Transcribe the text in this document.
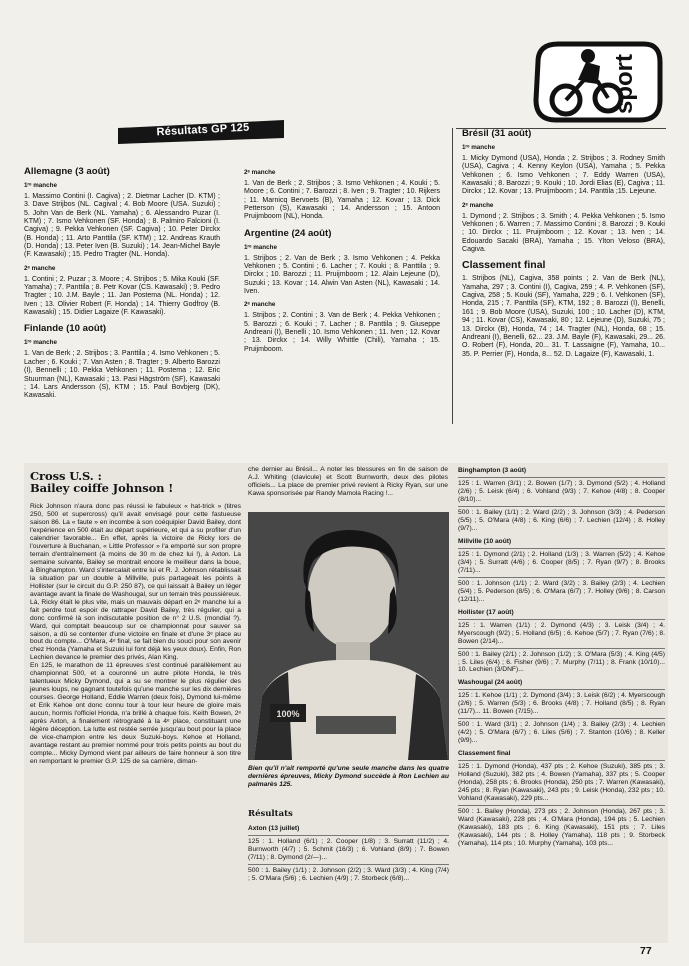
sport
Résultats GP 125
Allemagne (3 août)
1ʳᵉ manche

1. Massimo Contini (I. Cagiva) ; 2. Dietmar Lacher (D. KTM) ; 3. Dave Strijbos (NL. Cagival ; 4. Bob Moore (USA. Suzuki) ; 5. John Van de Berk (NL. Yamaha) ; 6. Alessandro Puzar (I. KTM) ; 7. Ismo Vehkonen (SF. Honda) ; 8. Palmiro Falcioni (I. Cagiva) ; 9. Pekka Vehkonen (SF. Cagiva) ; 10. Peter Dirckx (B. Honda) ; 11. Arto Panttila (SF. KTM) ; 12. Andreas Krauth (D. Honda) ; 13. Peter Iven (B. Suzuki) ; 14. Jean-Michel Bayle (F. Kawasaki) ; 15. Pedro Tragter (NL. Honda).

2ᵉ manche

1. Contini ; 2. Puzar ; 3. Moore ; 4. Strijbos ; 5. Mika Kouki (SF. Yamaha) ; 7. Panttila ; 8. Petr Kovar (CS. Kawasaki) ; 9. Pedro Tragter ; 10. J.M. Bayle ; 11. Jan Postema (NL. Honda) ; 12. Iven ; 13. Olivier Robert (F. Honda) ; 14. Thierry Godfroy (B. Kawasaki) ; 15. Didier Lagaize (F. Kawasaki).

Finlande (10 août)
1ʳᵉ manche

1. Van de Berk ; 2. Strijbos ; 3. Panttila ; 4. Ismo Vehkonen ; 5. Lacher ; 6. Kouki ; 7. Van Asten ; 8. Tragter ; 9. Alberto Barozzi (I), Bennelli ; 10. Pekka Vehkonen ; 11. Postema ; 12. Eric Stuurman (NL), Kawasaki ; 13. Pasi Hägström (SF), Kawasaki ; 14. Lars Andersson (S), KTM ; 15. Paul Bovbjerg (DK), Kawasaki.

2ᵉ manche

1. Van de Berk ; 2. Strijbos ; 3. Ismo Vehkonen ; 4. Kouki ; 5. Moore ; 6. Contini ; 7. Barozzi ; 8. Iven ; 9. Tragter ; 10. Rijkers ; 11. Marnicq Bervoets (B), Yamaha ; 12. Kovar ; 13. Dick Petterson (S), Kawasaki ; 14. Andersson ; 15. Antoon Pruijmboom (NL), Honda.

Argentine (24 août)
1ʳᵉ manche

1. Strijbos ; 2. Van de Berk ; 3. Ismo Vehkonen ; 4. Pekka Vehkonen ; 5. Contini ; 6. Lacher ; 7. Kouki ; 8. Panttila ; 9. Dirckx ; 10. Barozzi ; 11. Pruijmboom ; 12. Alain Lejeune (D), Suzuki ; 13. Kovar ; 14. Alwin Van Asten (NL), Kawasaki ; 14. Iven.

2ᵉ manche

1. Strijbos ; 2. Contini ; 3. Van de Berk ; 4. Pekka Vehkonen ; 5. Barozzi ; 6. Kouki ; 7. Lacher ; 8. Panttila ; 9. Giuseppe Andreani (I), Benelli ; 10. Ismo Vehkonen ; 11. Iven ; 12. Kovar ; 13. Dirckx ; 14. Willy Whittle (Chili), Yamaha ; 15. Pruijmboom.

Brésil (31 août)
1ʳᵉ manche

1. Micky Dymond (USA), Honda ; 2. Strijbos ; 3. Rodney Smith (USA), Cagiva ; 4. Kenny Keylon (USA), Yamaha ; 5. Pekka Vehkonen ; 6. Ismo Vehkonen ; 7. Eddy Warren (USA), Kawasaki ; 8. Barozzi ; 9. Kouki ; 10. Jordi Elias (E), Cagiva ; 11. Dirckx ; 12. Kovar ; 13. Pruijmboom ; 14. Panttila ;15. Lejeune.

2ᵉ manche

1. Dymond ; 2. Strijbos ; 3. Smith ; 4. Pekka Vehkonen ; 5. Ismo Vehkonen ; 6. Warren ; 7. Massimo Contini ; 8. Barozzi ; 9. Kouki ; 10. Dirckx ; 11. Pruijmboom ; 12. Kovar ; 13. Iven ; 14. Edouardo Sacaki (BRA), Yamaha ; 15. Ylton Veloso (BRA), Cagiva.

Classement final

1. Strijbos (NL), Cagiva, 358 points ; 2. Van de Berk (NL), Yamaha, 297 ; 3. Contini (I), Cagiva, 259 ; 4. P. Vehkonen (SF), Cagiva, 258 ; 5. Kouki (SF), Yamaha, 229 ; 6. I. Vehkonen (SF), Honda, 215 ; 7. Panttila (SF), KTM, 192 ; 8. Barozzi (I), Benelli, 161 ; 9. Bob Moore (USA), Suzuki, 100 ; 10. Lacher (D), KTM, 94 ; 11. Kovar (CS), Kawasaki, 80 ; 12. Lejeune (D), Suzuki, 75 ; 13. Dirckx (B), Honda, 74 ; 14. Tragter (NL), Honda, 68 ; 15. Andreani (I), Benelli, 62... 23. J.M. Bayle (F), Kawasaki, 29... 26. O. Robert (F), Honda, 20... 31. T. Lassaigne (F), Yamaha, 10... 35. P. Perrier (F), Honda, 8... 52. D. Lagaize (F), Kawasaki, 1.

Cross U.S. :
Bailey coiffe Johnson !

Rick Johnson n'aura donc pas réussi le fabuleux « hat-trick » (titres 250, 500 et supercross) qu'il avait envisagé pour cette fastueuse saison 86. La « faute » en incombe à son coéquipier David Bailey, dont l'expérience en 500 était au départ supérieure, et qui a su profiter d'un calendrier favorable... En effet, après la victoire de Ricky lors de l'ouverture à Buchanan, « Little Professor » l'a emporté sur son propre terrain d'entraînement (à moins de 30 m de chez lui !), à Axton. La semaine suivante, Bailey se montrait encore le meilleur dans la boue, à Binghampton. Ward s'intercalait entre lui et R. J. Johnson rétablissait la situation par un double à Millville, puis partageait les points à Hollister (sur le circuit du G.P. 250 87), ce qui laissait à Bailey un léger avantage avant la finale de Washougal, sur un terrain très poussiéreux. Là, Ricky était le plus vite, mais un mauvais départ en 2ᵉ manche lui a fait perdre tout espoir de rattraper David Bailey, très régulier, qui a donc confirmé là son indiscutable position de n° 2 U.S. (mondial ?). Ward, qui comptait beaucoup sur ce championnat pour sauver sa saison, a dû se contenter d'une victoire en finale et d'une 3ᵉ place au bout du compte... O'Mara, 4ᵉ final, se fait bien du souci pour son avenir chez Honda (Yamaha et Suzuki lui font déjà les yeux doux). Enfin, Ron Lechien devance le premier des privés, Alan King.
En 125, le marathon de 11 épreuves s'est continué parallèlement au championnat 500, et a couronné un autre pilote Honda, le très talentueux Micky Dymond, qui a su se montrer le plus régulier des jeunes loups, ne gagnant toutefois qu'une manche sur les dix dernières courses. George Holland, Eddie Warren (deux fois), Dymond lui-même et Erik Kehoe ont donc connu tour à tour leur heure de gloire mais aucun, hormis l'officiel Honda, n'a brillé à chaque fois. Keith Bowen, 2ᵉ après Axton, a finalement rétrogradé à la 4ᵉ place, constituant une légère déception. La lutte est restée serrée jusqu'au bout pour la place de vice-champion entre les deux Suzuki-boys. Kehoe et Holland, avantage restant au premier nommé pour trois petits points au bout du compte... Micky Dymond vient par ailleurs de faire honneur à son titre en remportant le premier G.P. 125 de sa carrière, diman-

che dernier au Brésil... A noter les blessures en fin de saison de A.J. Whiting (clavicule) et Scott Burnworth, deux des pilotes officiels... La place de premier privé revient à Ricky Ryan, sur une Kawa sponsorisée par Randy Mamola Racing !...

100%

Bien qu'il n'ait remporté qu'une seule manche dans les quatre dernières épreuves, Micky Dymond succède à Ron Lechien au palmarès 125.

Résultats
Axton (13 juillet)

125 : 1. Holland (6/1) ; 2. Cooper (1/8) ; 3. Surratt (11/2) ; 4. Burnworth (4/7) ; 5. Schmit (16/3) ; 6. Vohland (8/9) ; 7. Bowen (7/11) ; 8. Dymond (2/—)...

500 : 1. Bailey (1/1) ; 2. Johnson (2/2) ; 3. Ward (3/3) ; 4. King (7/4) ; 5. O'Mara (5/6) ; 6. Lechien (4/9) ; 7. Storbeck (6/8)...

Binghampton (3 août)

125 : 1. Warren (3/1) ; 2. Bowen (1/7) ; 3. Dymond (5/2) ; 4. Holland (2/6) ; 5. Leisk (6/4) ; 6. Vohland (9/3) ; 7. Kehoe (4/8) ; 8. Cooper (8/10)...

500 : 1. Bailey (1/1) ; 2. Ward (2/2) ; 3. Johnson (3/3) ; 4. Pederson (5/5) ; 5. O'Mara (4/8) ; 6. King (6/6) ; 7. Lechien (12/4) ; 8. Holley (9/7)...

Millville (10 août)

125 : 1. Dymond (2/1) ; 2. Holland (1/3) ; 3. Warren (5/2) ; 4. Kehoe (3/4) ; 5. Surratt (4/6) ; 6. Cooper (8/5) ; 7. Ryan (9/7) ; 8. Brooks (7/11)...

500 : 1. Johnson (1/1) ; 2. Ward (3/2) ; 3. Bailey (2/3) ; 4. Lechien (5/4) ; 5. Pederson (8/5) ; 6. O'Mara (6/7) ; 7. Holley (9/6) ; 8. Carson (12/11)...

Hollister (17 août)

125 : 1. Warren (1/1) ; 2. Dymond (4/3) ; 3. Leisk (3/4) ; 4. Myerscough (9/2) ; 5. Holland (6/5) ; 6. Kehoe (5/7) ; 7. Ryan (7/6) ; 8. Bowen (2/14)...

500 : 1. Bailey (2/1) ; 2. Johnson (1/2) ; 3. O'Mara (5/3) ; 4. King (4/5) ; 5. Liles (6/4) ; 6. Fisher (9/6) ; 7. Murphy (7/11) ; 8. Frank (10/10)... 10. Lechien (3/DNF)...

Washougal (24 août)

125 : 1. Kehoe (1/1) ; 2. Dymond (3/4) ; 3. Leisk (6/2) ; 4. Myerscough (2/6) ; 5. Warren (5/3) ; 6. Brooks (4/8) ; 7. Holland (8/5) ; 8. Ryan (11/7)... 11. Bowen (7/15)...

500 : 1. Ward (3/1) ; 2. Johnson (1/4) ; 3. Bailey (2/3) ; 4. Lechien (4/2) ; 5. O'Mara (6/7) ; 6. Liles (5/6) ; 7. Stanton (10/6) ; 8. Keller (9/9)...

Classement final

125 : 1. Dymond (Honda), 437 pts ; 2. Kehoe (Suzuki), 385 pts ; 3. Holland (Suzuki), 382 pts ; 4. Bowen (Yamaha), 337 pts ; 5. Cooper (Honda), 258 pts ; 6. Brooks (Honda), 250 pts ; 7. Warren (Kawasaki), 245 pts ; 8. Ryan (Kawasaki), 243 pts ; 9. Leisk (Honda), 232 pts ; 10. Vohland (Kawasaki), 229 pts...

500 : 1. Bailey (Honda), 273 pts ; 2. Johnson (Honda), 267 pts ; 3. Ward (Kawasaki), 228 pts ; 4. O'Mara (Honda), 194 pts ; 5. Lechien (Kawasaki), 183 pts ; 6. King (Kawasaki), 151 pts ; 7. Liles (Kawasaki), 144 pts ; 8. Holley (Yamaha), 118 pts ; 9. Storbeck (Yamaha), 114 pts ; 10. Murphy (Yamaha), 103 pts...

77
